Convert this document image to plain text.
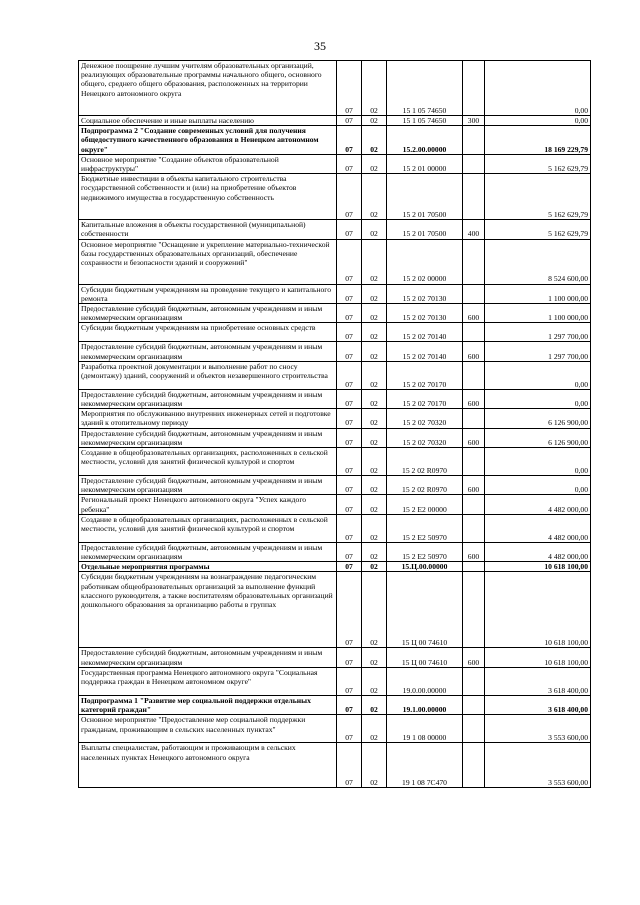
35
Денежное поощрение лучшим учителям образовательных организаций, реализующих образовательные программы начального общего, основного общего, среднего общего образования, расположенных на территории Ненецкого автономного округа	07	02	15 1 05 74650		0,00
Социальное обеспечение и иные выплаты населению	07	02	15 1 05 74650	300	0,00
Подпрограмма 2 "Создание современных условий для получения общедоступного качественного образования в Ненецком автономном округе"	07	02	15.2.00.00000		18 169 229,79
Основное мероприятие "Создание объектов образовательной инфраструктуры"	07	02	15 2 01 00000		5 162 629,79
Бюджетные инвестиции в объекты капитального строительства государственной собственности и (или) на приобретение объектов недвижимого имущества в государственную собственность	07	02	15 2 01 70500		5 162 629,79
Капитальные вложения в объекты государственной (муниципальной) собственности	07	02	15 2 01 70500	400	5 162 629,79
Основное мероприятие "Оснащение и укрепление материально-технической базы государственных образовательных организаций, обеспечение сохранности и безопасности зданий и сооружений"	07	02	15 2 02 00000		8 524 600,00
Субсидии бюджетным учреждениям на проведение текущего и капитального ремонта	07	02	15 2 02 70130		1 100 000,00
Предоставление субсидий бюджетным, автономным учреждениям и иным некоммерческим организациям	07	02	15 2 02 70130	600	1 100 000,00
Субсидии бюджетным учреждениям на приобретение основных средств	07	02	15 2 02 70140		1 297 700,00
Предоставление субсидий бюджетным, автономным учреждениям и иным некоммерческим организациям	07	02	15 2 02 70140	600	1 297 700,00
Разработка проектной документации и выполнение работ по сносу (демонтажу) зданий, сооружений и объектов незавершенного строительства	07	02	15 2 02 70170		0,00
Предоставление субсидий бюджетным, автономным учреждениям и иным некоммерческим организациям	07	02	15 2 02 70170	600	0,00
Мероприятия по обслуживанию внутренних инженерных сетей и подготовке зданий к отопительному периоду	07	02	15 2 02 70320		6 126 900,00
Предоставление субсидий бюджетным, автономным учреждениям и иным некоммерческим организациям	07	02	15 2 02 70320	600	6 126 900,00
Создание в общеобразовательных организациях, расположенных в сельской местности, условий для занятий физической культурой и спортом	07	02	15 2 02 R0970		0,00
Предоставление субсидий бюджетным, автономным учреждениям и иным некоммерческим организациям	07	02	15 2 02 R0970	600	0,00
Региональный проект Ненецкого автономного округа "Успех каждого ребенка"	07	02	15 2 E2 00000		4 482 000,00
Создание в общеобразовательных организациях, расположенных в сельской местности, условий для занятий физической культурой и спортом	07	02	15 2 E2 50970		4 482 000,00
Предоставление субсидий бюджетным, автономным учреждениям и иным некоммерческим организациям	07	02	15 2 E2 50970	600	4 482 000,00
Отдельные мероприятия программы	07	02	15.Ц.00.00000		10 618 100,00
Субсидии бюджетным учреждениям на вознаграждение педагогическим работникам общеобразовательных организаций за выполнение функций классного руководителя, а также воспитателям образовательных организаций дошкольного образования за организацию работы в группах	07	02	15 Ц 00 74610		10 618 100,00
Предоставление субсидий бюджетным, автономным учреждениям и иным некоммерческим организациям	07	02	15 Ц 00 74610	600	10 618 100,00
Государственная программа Ненецкого автономного округа "Социальная поддержка граждан в Ненецком автономном округе"	07	02	19.0.00.00000		3 618 400,00
Подпрограмма 1 "Развитие мер социальной поддержки отдельных категорий граждан"	07	02	19.1.00.00000		3 618 400,00
Основное мероприятие "Предоставление мер социальной поддержки гражданам, проживающим в сельских населенных пунктах"	07	02	19 1 08 00000		3 553 600,00
Выплаты специалистам, работающим и проживающим в сельских населенных пунктах Ненецкого автономного округа	07	02	19 1 08 7С470		3 553 600,00
